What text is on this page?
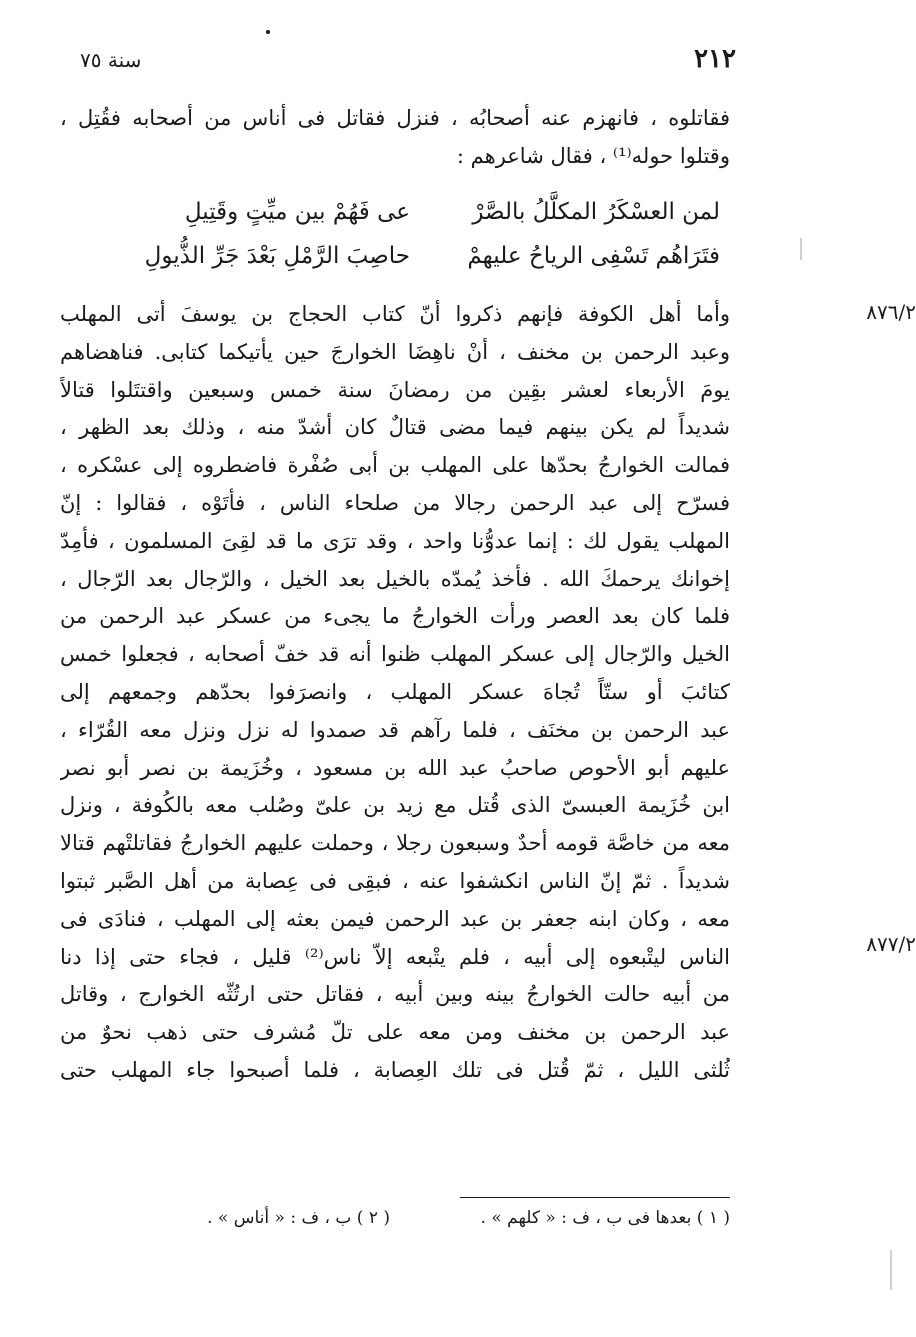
٢١٢
سنة ٧٥
فقاتلوه ، فانهزم عنه أصحابُه ، فنزل فقاتل فى أناس من أصحابه فقُتِل ،
وقتلوا حوله⁽¹⁾ ، فقال شاعرهم :
لمن العسْكَرُ المكلَّلُ بالصَّرْ
عى فَهُمْ بين ميِّتٍ وقَتِيلِ
فتَرَاهُم تَسْفِى الرياحُ عليهمْ
حاصِبَ الرَّمْلِ بَعْدَ جَرِّ الذُّيولِ
٨٧٦/٢
٨٧٧/٢
وأما أهل الكوفة فإنهم ذكروا أنّ كتاب الحجاج بن يوسفَ أتى المهلب
وعبد الرحمن بن مخنف ، أنْ ناهِضَا الخوارجَ حين يأتيكما كتابى. فناهضاهم
يومَ الأربعاء لعشر بقِين من رمضانَ سنة خمس وسبعين واقتتَلوا قتالاً
شديداً لم يكن بينهم فيما مضى قتالٌ كان أشدّ منه ، وذلك بعد الظهر ،
فمالت الخوارجُ بحدّها على المهلب بن أبى صُفْرة فاضطروه إلى عسْكره ،
فسرّح إلى عبد الرحمن رجالا من صلحاء الناس ، فأتَوْه ، فقالوا : إنّ
المهلب يقول لك : إنما عدوُّنا واحد ، وقد ترَى ما قد لقِىَ المسلمون ، فأمِدّ
إخوانك يرحمكَ الله . فأخذ يُمدّه بالخيل بعد الخيل ، والرّجال بعد الرّجال ،
فلما كان بعد العصر ورأت الخوارجُ ما يجىء من عسكر عبد الرحمن من
الخيل والرّجال إلى عسكر المهلب ظنوا أنه قد خفّ أصحابه ، فجعلوا خمس
كتائبَ أو ستّاً تُجاهَ عسكر المهلب ، وانصرَفوا بحدّهم وجمعهم إلى
عبد الرحمن بن مخنَف ، فلما رآهم قد صمدوا له نزل ونزل معه القُرّاء ،
عليهم أبو الأحوص صاحبُ عبد الله بن مسعود ، وخُزَيمة بن نصر أبو نصر
ابن خُزَيمة العبسىّ الذى قُتل مع زيد بن علىّ وصُلب معه بالكُوفة ، ونزل
معه من خاصَّة قومه أحدٌ وسبعون رجلا ، وحملت عليهم الخوارجُ فقاتلتْهم قتالا
شديداً . ثمّ إنّ الناس انكشفوا عنه ، فبقِى فى عِصابة من أهل الصَّبر ثبتوا
معه ، وكان ابنه جعفر بن عبد الرحمن فيمن بعثه إلى المهلب ، فنادَى فى
الناس ليتْبعوه إلى أبيه ، فلم يتْبعه إلاّ ناس⁽²⁾ قليل ، فجاء حتى إذا دنا
من أبيه حالت الخوارجُ بينه وبين أبيه ، فقاتل حتى ارتُثّه الخوارج ، وقاتل
عبد الرحمن بن مخنف ومن معه على تلّ مُشرف حتى ذهب نحوٌ من
ثُلثى الليل ، ثمّ قُتل فى تلك العِصابة ، فلما أصبحوا جاء المهلب حتى
( ١ ) بعدها فى ب ، ف : « كلهم » .
( ٢ ) ب ، ف : « أناس » .
